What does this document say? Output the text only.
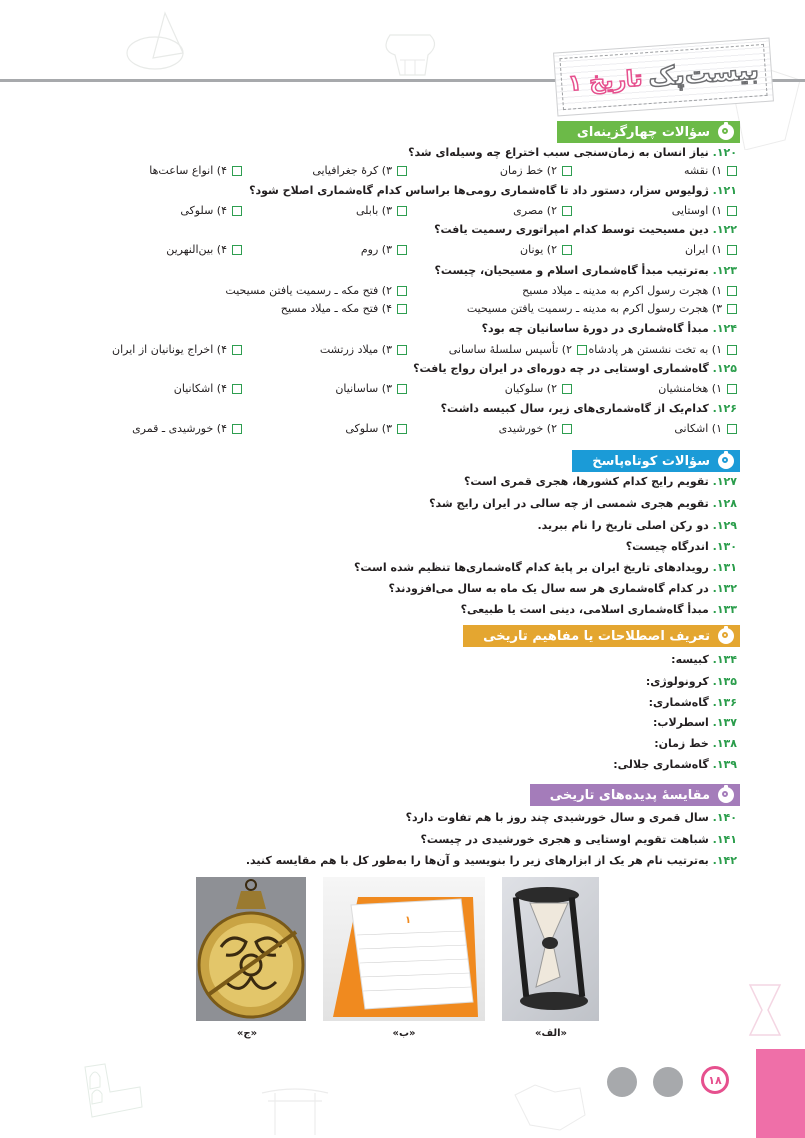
بیست‌پک
تاریخ ۱
سؤالات چهارگزینه‌ای
۱۲۰. نیاز انسان به زمان‌سنجی سبب اختراع چه وسیله‌ای شد؟
۱) نقشه
۲) خط زمان
۳) کرۀ جغرافیایی
۴) انواع ساعت‌ها
۱۲۱. ژولیوس سزار، دستور داد تا گاه‌شماری رومی‌ها براساس کدام گاه‌شماری اصلاح شود؟
۱) اوستایی
۲) مصری
۳) بابلی
۴) سلوکی
۱۲۲. دین مسیحیت توسط کدام امپراتوری رسمیت یافت؟
۱) ایران
۲) یونان
۳) روم
۴) بین‌النهرین
۱۲۳. به‌ترتیب مبدأ گاه‌شماری اسلام و مسیحیان، چیست؟
۱) هجرت رسول اکرم به مدینه ـ میلاد مسیح
۲) فتح مکه ـ رسمیت یافتن مسیحیت
۳) هجرت رسول اکرم به مدینه ـ رسمیت یافتن مسیحیت
۴) فتح مکه ـ میلاد مسیح
۱۲۴. مبدأ گاه‌شماری در دورۀ ساسانیان چه بود؟
۱) به تخت نشستن هر پادشاه
۲) تأسیس سلسلۀ ساسانی
۳) میلاد زرتشت
۴) اخراج یونانیان از ایران
۱۲۵. گاه‌شماری اوستایی در چه دوره‌ای در ایران رواج یافت؟
۱) هخامنشیان
۲) سلوکیان
۳) ساسانیان
۴) اشکانیان
۱۲۶. کدام‌یک از گاه‌شماری‌های زیر، سال کبیسه داشت؟
۱) اشکانی
۲) خورشیدی
۳) سلوکی
۴) خورشیدی ـ قمری
سؤالات کوتاه‌پاسخ
۱۲۷. تقویم رایج کدام کشورها، هجری قمری است؟
۱۲۸. تقویم هجری شمسی از چه سالی در ایران رایج شد؟
۱۲۹. دو رکن اصلی تاریخ را نام ببرید.
۱۳۰. اندرگاه چیست؟
۱۳۱. رویدادهای تاریخ ایران بر پایۀ کدام گاه‌شماری‌ها تنظیم شده است؟
۱۳۲. در کدام گاه‌شماری هر سه سال یک ماه به سال می‌افزودند؟
۱۳۳. مبدأ گاه‌شماری اسلامی، دینی است یا طبیعی؟
تعریف اصطلاحات یا مفاهیم تاریخی
۱۳۴. کبیسه:
۱۳۵. کرونولوژی:
۱۳۶. گاه‌شماری:
۱۳۷. اسطرلاب:
۱۳۸. خط زمان:
۱۳۹. گاه‌شماری جلالی:
مقایسۀ پدیده‌های تاریخی
۱۴۰. سال قمری و سال خورشیدی چند روز با هم تفاوت دارد؟
۱۴۱. شباهت تقویم اوستایی و هجری خورشیدی در چیست؟
۱۴۲. به‌ترتیب نام هر یک از ابزارهای زیر را بنویسید و آن‌ها را به‌طور کل با هم مقایسه کنید.
۱
«الف»
«ب»
«ج»
۱۸
